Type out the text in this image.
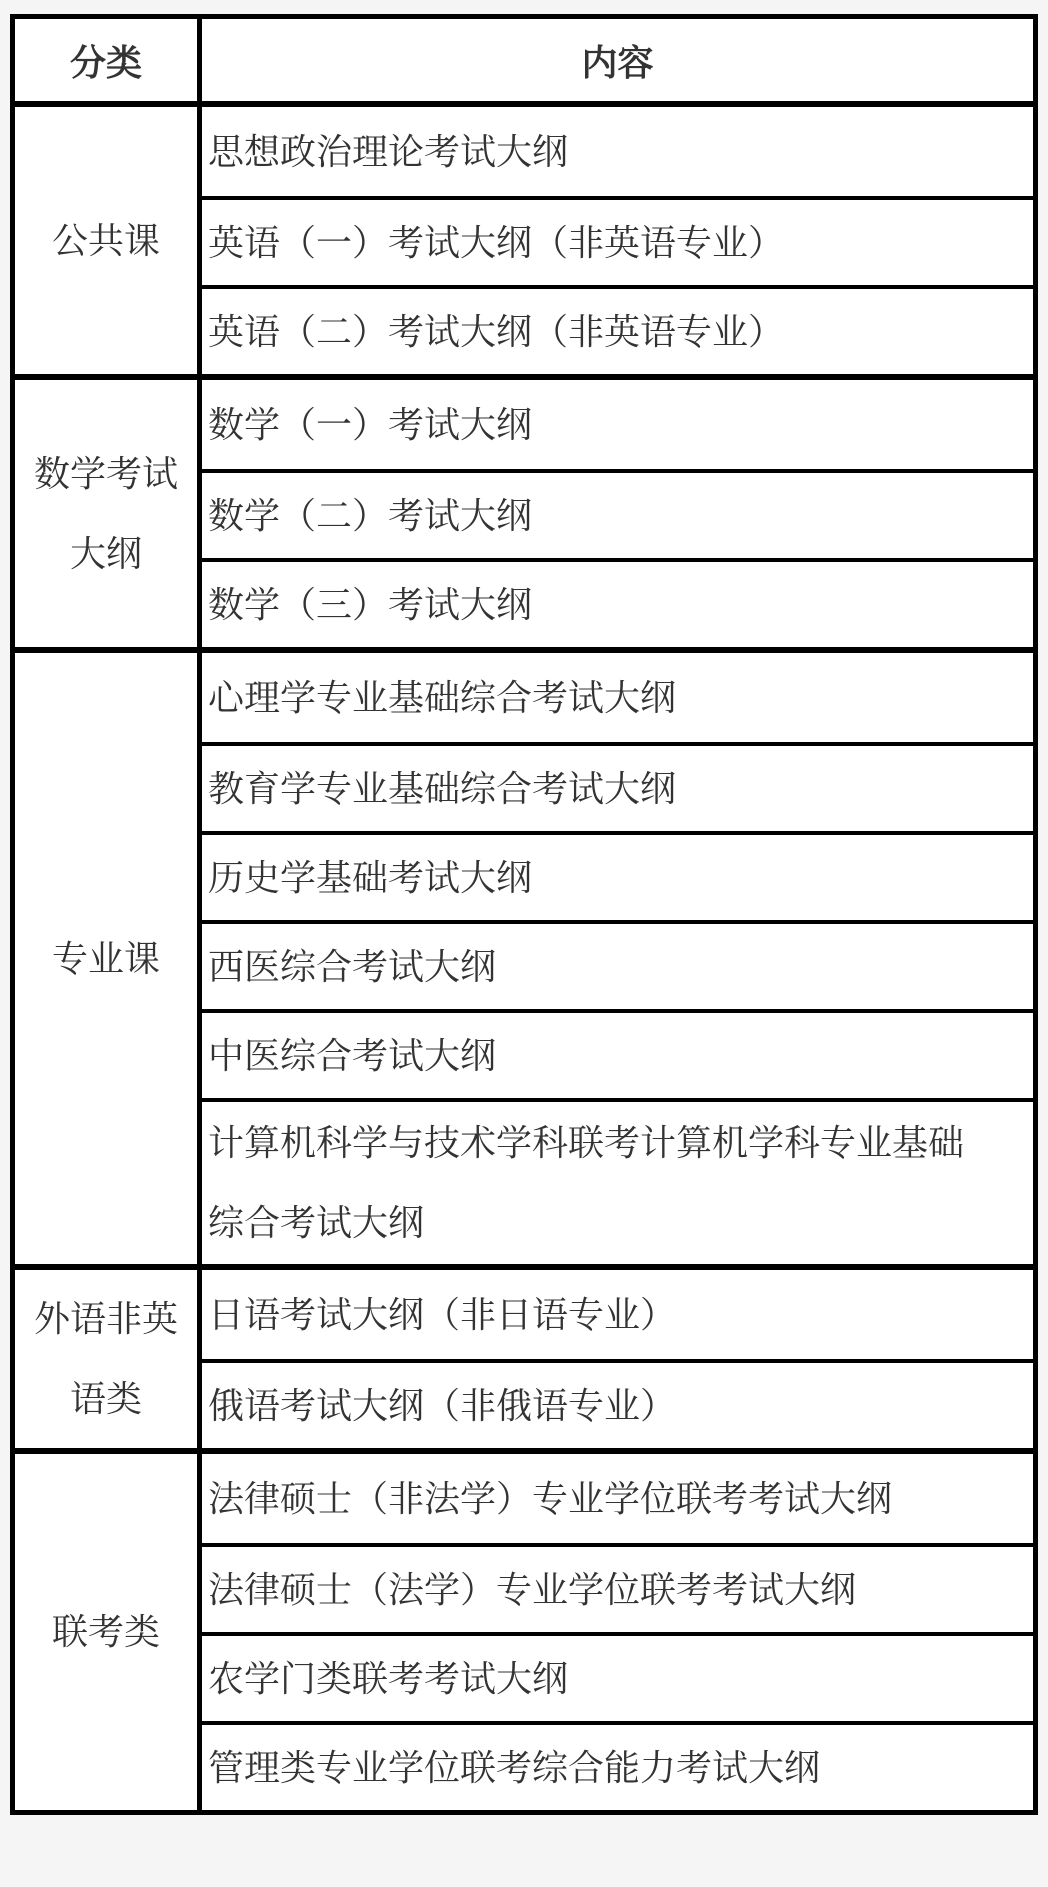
分类	内容
公共课
思想政治理论考试大纲
英语（一）考试大纲（非英语专业）
英语（二）考试大纲（非英语专业）
数学考试大纲
数学（一）考试大纲
数学（二）考试大纲
数学（三）考试大纲
专业课
心理学专业基础综合考试大纲
教育学专业基础综合考试大纲
历史学基础考试大纲
西医综合考试大纲
中医综合考试大纲
计算机科学与技术学科联考计算机学科专业基础综合考试大纲
外语非英语类
日语考试大纲（非日语专业）
俄语考试大纲（非俄语专业）
联考类
法律硕士（非法学）专业学位联考考试大纲
法律硕士（法学）专业学位联考考试大纲
农学门类联考考试大纲
管理类专业学位联考综合能力考试大纲
